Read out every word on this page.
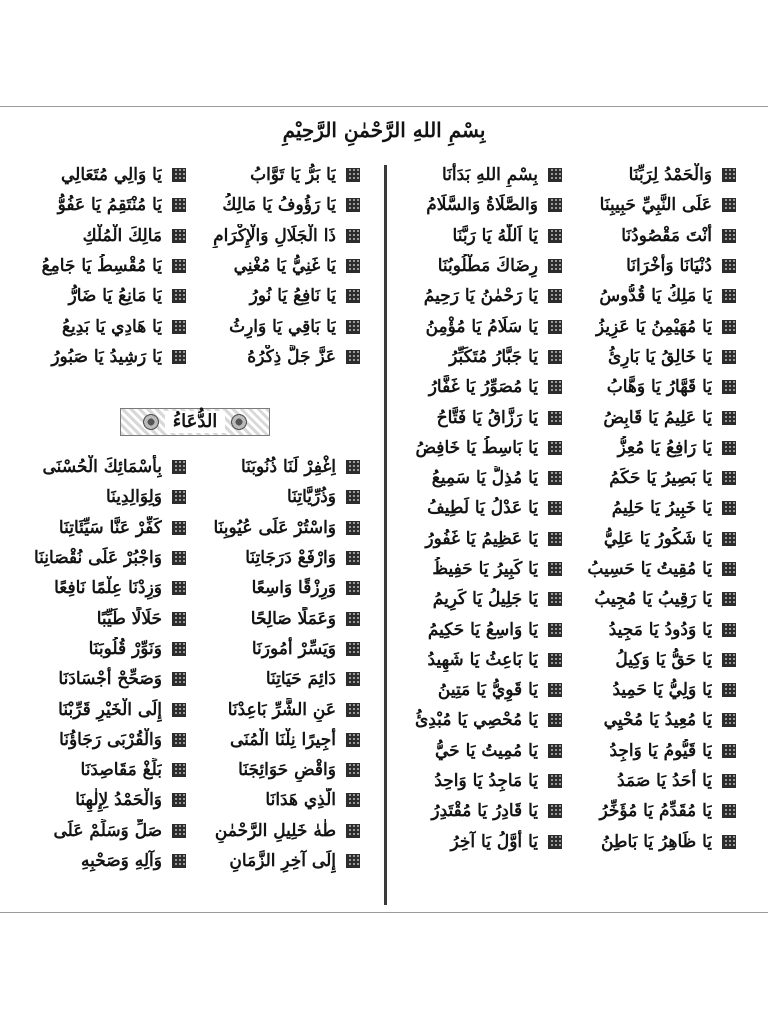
بِسْمِ اللهِ الرَّحْمٰنِ الرَّحِيْمِ
بِسْمِ اللهِ بَدَأْنَا	وَالْحَمْدُ لِرَبِّنَا
وَالصَّلَاةُ وَالسَّلَامُ	عَلَى النَّبِيِّ حَبِيبِنَا
يَا اَللّٰهُ يَا رَبَّنَا	أَنْتَ مَقْصُودُنَا
رِضَاكَ مَطْلُوبُنَا	دُنْيَانَا وَأُخْرَانَا
يَا رَحْمٰنُ يَا رَحِيمُ	يَا مَلِكُ يَا قُدُّوسُ
يَا سَلَامُ يَا مُؤْمِنُ	يَا مُهَيْمِنُ يَا عَزِيزُ
يَا جَبَّارُ مُتَكَبِّرُ	يَا خَالِقُ يَا بَارِئُ
يَا مُصَوِّرُ يَا غَفَّارُ	يَا قَهَّارُ يَا وَهَّابُ
يَا رَزَّاقُ يَا فَتَّاحُ	يَا عَلِيمُ يَا قَابِضُ
يَا بَاسِطُ يَا خَافِضُ	يَا رَافِعُ يَا مُعِزُّ
يَا مُذِلُّ يَا سَمِيعُ	يَا بَصِيرُ يَا حَكَمُ
يَا عَدْلُ يَا لَطِيفُ	يَا خَبِيرُ يَا حَلِيمُ
يَا عَظِيمُ يَا غَفُورُ	يَا شَكُورُ يَا عَلِيُّ
يَا كَبِيرُ يَا حَفِيظُ	يَا مُقِيتُ يَا حَسِيبُ
يَا جَلِيلُ يَا كَرِيمُ	يَا رَقِيبُ يَا مُجِيبُ
يَا وَاسِعُ يَا حَكِيمُ	يَا وَدُودُ يَا مَجِيدُ
يَا بَاعِثُ يَا شَهِيدُ	يَا حَقُّ يَا وَكِيلُ
يَا قَوِيُّ يَا مَتِينُ	يَا وَلِيُّ يَا حَمِيدُ
يَا مُحْصِي يَا مُبْدِئُ	يَا مُعِيدُ يَا مُحْيِي
يَا مُمِيتُ يَا حَيُّ	يَا قَيُّومُ يَا وَاجِدُ
يَا مَاجِدُ يَا وَاحِدُ	يَا أَحَدُ يَا صَمَدُ
يَا قَادِرُ يَا مُقْتَدِرُ	يَا مُقَدِّمُ يَا مُؤَخِّرُ
يَا أَوَّلُ يَا آخِرُ	يَا ظَاهِرُ يَا بَاطِنُ
يَا وَالِي مُتَعَالِي	يَا بَرُّ يَا تَوَّابُ
يَا مُنْتَقِمُ يَا عَفُوُّ	يَا رَؤُوفُ يَا مَالِكُ
مَالِكَ الْمُلْكِ	ذَا الْجَلَالِ وَالْإِكْرَامِ
يَا مُقْسِطُ يَا جَامِعُ	يَا غَنِيُّ يَا مُغْنِي
يَا مَانِعُ يَا ضَارُّ	يَا نَافِعُ يَا نُورُ
يَا هَادِي يَا بَدِيعُ	يَا بَاقِي يَا وَارِثُ
يَا رَشِيدُ يَا صَبُورُ	عَزَّ جَلَّ ذِكْرُهُ
الدُّعَاءُ
بِأَسْمَائِكَ الْحُسْنَى	اِغْفِرْ لَنَا ذُنُوبَنَا
وَلِوَالِدِينَا	وَذُرِّيَّاتِنَا
كَفِّرْ عَنَّا سَيِّئَاتِنَا	وَاسْتُرْ عَلَى عُيُوبِنَا
وَاجْبُرْ عَلَى نُقْصَانِنَا	وَارْفَعْ دَرَجَاتِنَا
وَزِدْنَا عِلْمًا نَافِعًا	وَرِزْقًا وَاسِعًا
حَلَالًا طَيِّبًا	وَعَمَلًا صَالِحًا
وَنَوِّرْ قُلُوبَنَا	وَيَسِّرْ أُمُورَنَا
وَصَحِّحْ أَجْسَادَنَا	دَائِمَ حَيَاتِنَا
إِلَى الْخَيْرِ قَرِّبْنَا	عَنِ الشَّرِّ بَاعِدْنَا
وَالْقُرْبَى رَجَاؤُنَا	أَجِيرًا نِلْنَا الْمُنَى
بَلِّغْ مَقَاصِدَنَا	وَاقْضِ حَوَائِجَنَا
وَالْحَمْدُ لِإِلٰهِنَا	الَّذِي هَدَانَا
صَلِّ وَسَلِّمْ عَلَى	طٰهٰ خَلِيلِ الرَّحْمٰنِ
وَآلِهِ وَصَحْبِهِ	إِلَى آخِرِ الزَّمَانِ
